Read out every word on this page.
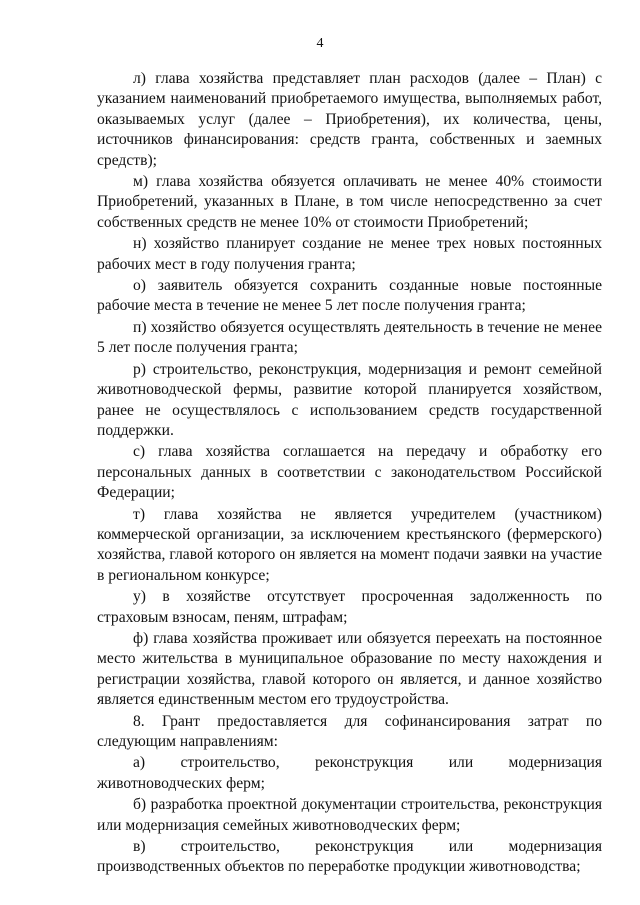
4

л) глава хозяйства представляет план расходов (далее – План) с указанием наименований приобретаемого имущества, выполняемых работ, оказываемых услуг (далее – Приобретения), их количества, цены, источников финансирования: средств гранта, собственных и заемных средств);

м) глава хозяйства обязуется оплачивать не менее 40% стоимости Приобретений, указанных в Плане, в том числе непосредственно за счет собственных средств не менее 10% от стоимости Приобретений;

н) хозяйство планирует создание не менее трех новых постоянных рабочих мест в году получения гранта;

о) заявитель обязуется сохранить созданные новые постоянные рабочие места в течение не менее 5 лет после получения гранта;

п) хозяйство обязуется осуществлять деятельность в течение не менее 5 лет после получения гранта;

р) строительство, реконструкция, модернизация и ремонт семейной животноводческой фермы, развитие которой планируется хозяйством, ранее не осуществлялось с использованием средств государственной поддержки.

с) глава хозяйства соглашается на передачу и обработку его персональных данных в соответствии с законодательством Российской Федерации;

т) глава хозяйства не является учредителем (участником) коммерческой организации, за исключением крестьянского (фермерского) хозяйства, главой которого он является на момент подачи заявки на участие в региональном конкурсе;

у) в хозяйстве отсутствует просроченная задолженность по страховым взносам, пеням, штрафам;

ф) глава хозяйства проживает или обязуется переехать на постоянное место жительства в муниципальное образование по месту нахождения и регистрации хозяйства, главой которого он является, и данное хозяйство является единственным местом его трудоустройства.

8. Грант предоставляется для софинансирования затрат по следующим направлениям:

а) строительство, реконструкция или модернизация животноводческих ферм;

б) разработка проектной документации строительства, реконструкция или модернизация семейных животноводческих ферм;

в) строительство, реконструкция или модернизация производственных объектов по переработке продукции животноводства;
